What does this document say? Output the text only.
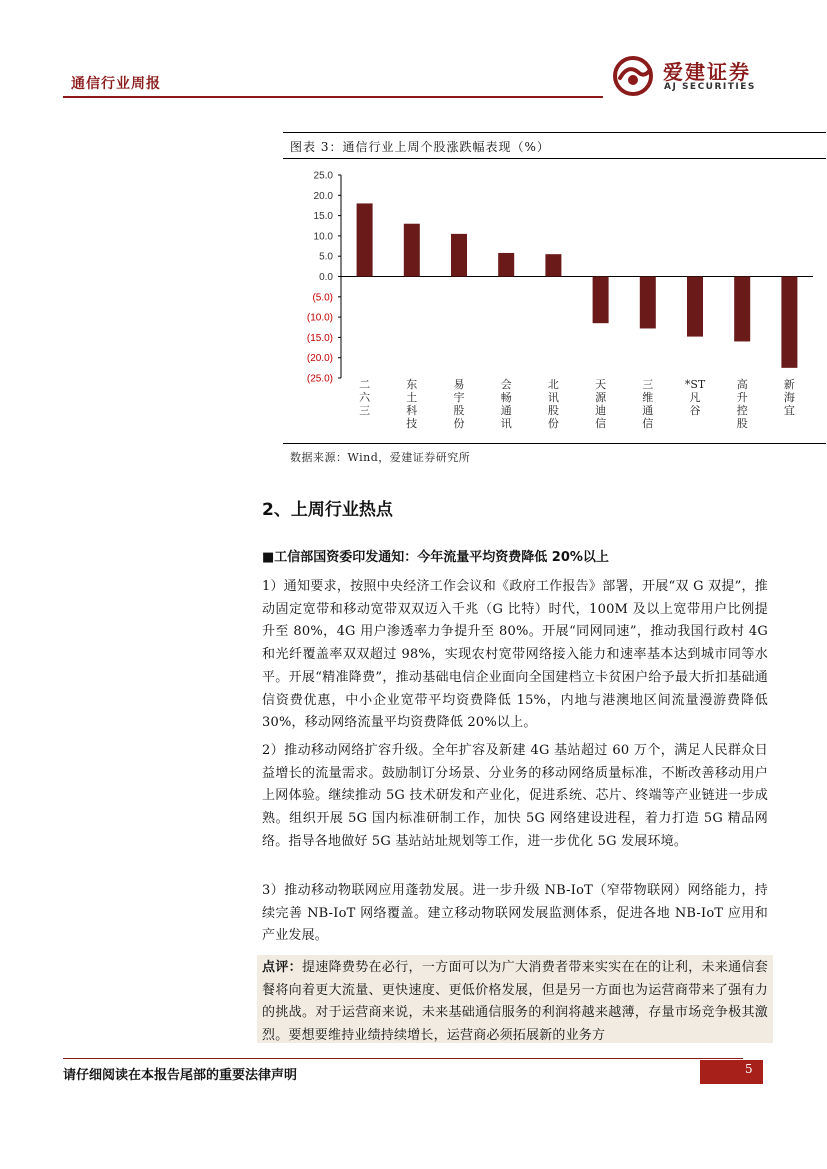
通信行业周报	爱建证券
AJ SECURITIES
图表 3：通信行业上周个股涨跌幅表现（%）
25.0
20.0
15.0
10.0
5.0
0.0
(5.0)
(10.0)
(15.0)
(20.0)
(25.0) 二六三
东土科技
易宇股份
会畅通讯
北讯股份
天源迪信
三维通信
*ST 凡谷
高升控股
新海宜
数据来源：Wind，爱建证券研究所
2、上周行业热点
■工信部国资委印发通知：今年流量平均资费降低 20%以上

1）通知要求，按照中央经济工作会议和《政府工作报告》部署，开展“双 G 双提”，推动固定宽带和移动宽带双双迈入千兆（G 比特）时代，100M 及以上宽带用户比例提升至 80%，4G 用户渗透率力争提升至 80%。开展“同网同速”，推动我国行政村 4G 和光纤覆盖率双双超过 98%，实现农村宽带网络接入能力和速率基本达到城市同等水平。开展“精准降费”，推动基础电信企业面向全国建档立卡贫困户给予最大折扣基础通信资费优惠，中小企业宽带平均资费降低 15%，内地与港澳地区间流量漫游费降低 30%，移动网络流量平均资费降低 20%以上。

2）推动移动网络扩容升级。全年扩容及新建 4G 基站超过 60 万个，满足人民群众日益增长的流量需求。鼓励制订分场景、分业务的移动网络质量标准，不断改善移动用户上网体验。继续推动 5G 技术研发和产业化，促进系统、芯片、终端等产业链进一步成熟。组织开展 5G 国内标准研制工作，加快 5G 网络建设进程，着力打造 5G 精品网络。指导各地做好 5G 基站站址规划等工作，进一步优化 5G 发展环境。

3）推动移动物联网应用蓬勃发展。进一步升级 NB-IoT（窄带物联网）网络能力，持续完善 NB-IoT 网络覆盖。建立移动物联网发展监测体系，促进各地 NB-IoT 应用和产业发展。

点评：提速降费势在必行，一方面可以为广大消费者带来实实在在的让利，未来通信套餐将向着更大流量、更快速度、更低价格发展，但是另一方面也为运营商带来了强有力的挑战。对于运营商来说，未来基础通信服务的利润将越来越薄，存量市场竞争极其激烈。要想要维持业绩持续增长，运营商必须拓展新的业务方

请仔细阅读在本报告尾部的重要法律声明	5
